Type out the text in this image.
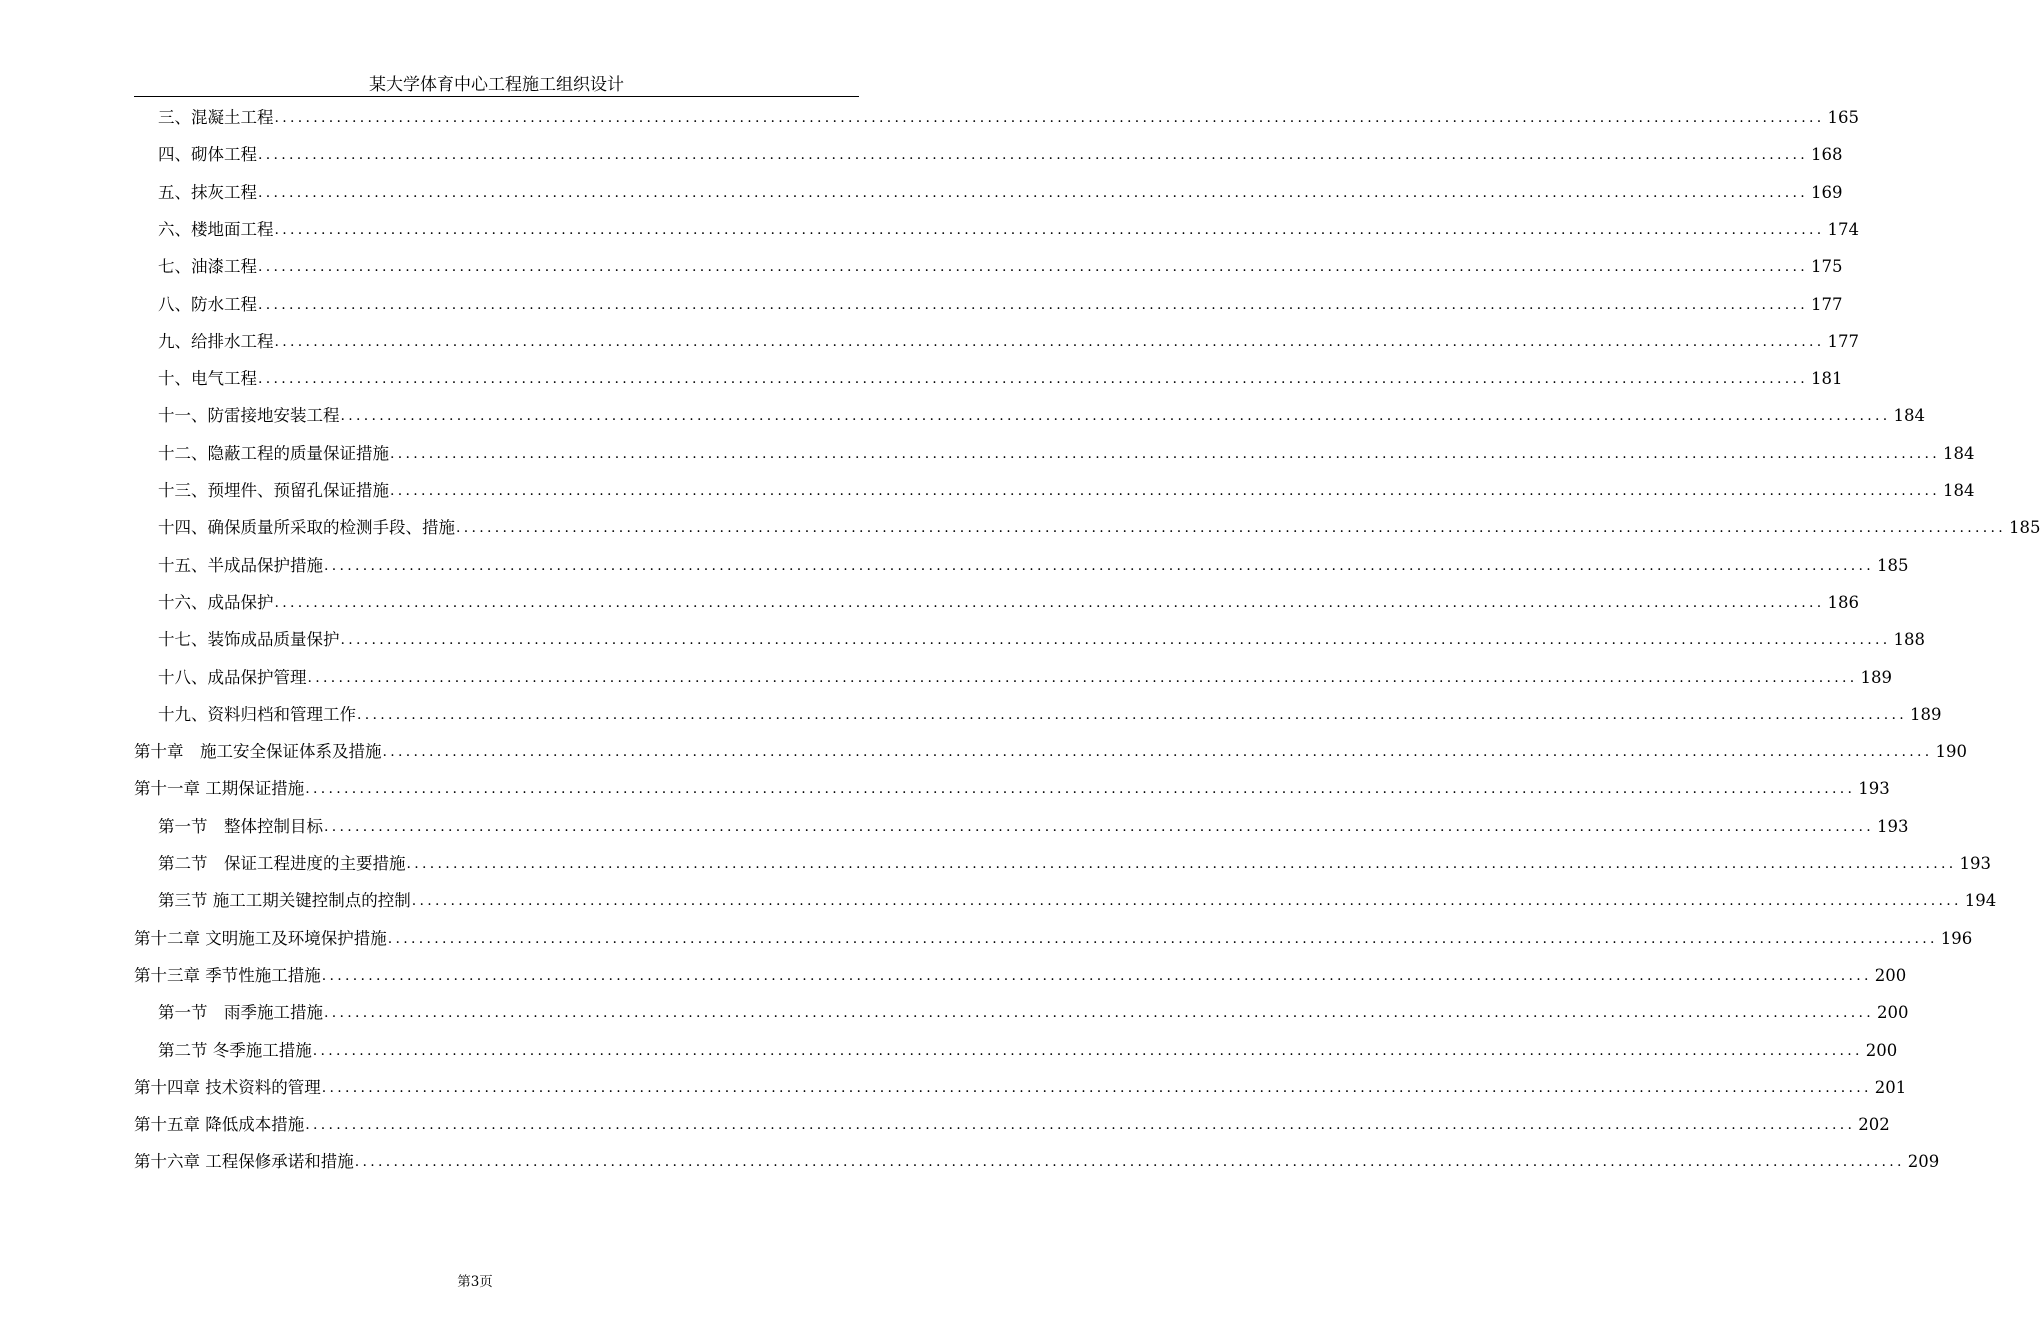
某大学体育中心工程施工组织设计
三、混凝土工程 ........................................................................................................................................................................................................ 165
四、砌体工程 ........................................................................................................................................................................................................ 168
五、抹灰工程 ........................................................................................................................................................................................................ 169
六、楼地面工程 ........................................................................................................................................................................................................ 174
七、油漆工程 ........................................................................................................................................................................................................ 175
八、防水工程 ........................................................................................................................................................................................................ 177
九、给排水工程 ........................................................................................................................................................................................................ 177
十、电气工程 ........................................................................................................................................................................................................ 181
十一、防雷接地安装工程 ........................................................................................................................................................................................................ 184
十二、隐蔽工程的质量保证措施 ........................................................................................................................................................................................................ 184
十三、预埋件、预留孔保证措施 ........................................................................................................................................................................................................ 184
十四、确保质量所采取的检测手段、措施 ........................................................................................................................................................................................................ 185
十五、半成品保护措施 ........................................................................................................................................................................................................ 185
十六、成品保护 ........................................................................................................................................................................................................ 186
十七、装饰成品质量保护 ........................................................................................................................................................................................................ 188
十八、成品保护管理 ........................................................................................................................................................................................................ 189
十九、资料归档和管理工作 ........................................................................................................................................................................................................ 189
第十章　施工安全保证体系及措施 ........................................................................................................................................................................................................ 190
第十一章 工期保证措施 ........................................................................................................................................................................................................ 193
第一节　整体控制目标 ........................................................................................................................................................................................................ 193
第二节　保证工程进度的主要措施 ........................................................................................................................................................................................................ 193
第三节 施工工期关键控制点的控制 ........................................................................................................................................................................................................ 194
第十二章 文明施工及环境保护措施 ........................................................................................................................................................................................................ 196
第十三章 季节性施工措施 ........................................................................................................................................................................................................ 200
第一节　雨季施工措施 ........................................................................................................................................................................................................ 200
第二节 冬季施工措施 ........................................................................................................................................................................................................ 200
第十四章 技术资料的管理 ........................................................................................................................................................................................................ 201
第十五章 降低成本措施 ........................................................................................................................................................................................................ 202
第十六章 工程保修承诺和措施 ........................................................................................................................................................................................................ 209
第3页
